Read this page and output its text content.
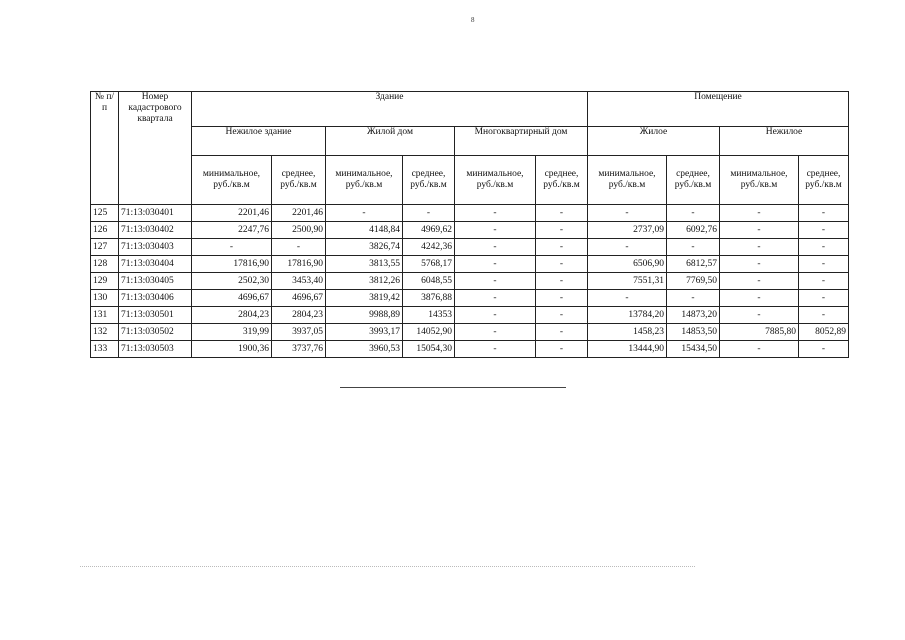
8
№ п/п	Номер кадастрового квартала	Здание						Помещение			
		Нежилое здание		Жилой дом		Многоквартирный дом		Жилое		Нежилое	
		минимальное, руб./кв.м	среднее, руб./кв.м	минимальное, руб./кв.м	среднее, руб./кв.м	минимальное, руб./кв.м	среднее, руб./кв.м	минимальное, руб./кв.м	среднее, руб./кв.м	минимальное, руб./кв.м	среднее, руб./кв.м
125	71:13:030401	2201,46	2201,46	-	-	-	-	-	-	-	-
126	71:13:030402	2247,76	2500,90	4148,84	4969,62	-	-	2737,09	6092,76	-	-
127	71:13:030403	-	-	3826,74	4242,36	-	-	-	-	-	-
128	71:13:030404	17816,90	17816,90	3813,55	5768,17	-	-	6506,90	6812,57	-	-
129	71:13:030405	2502,30	3453,40	3812,26	6048,55	-	-	7551,31	7769,50	-	-
130	71:13:030406	4696,67	4696,67	3819,42	3876,88	-	-	-	-	-	-
131	71:13:030501	2804,23	2804,23	9988,89	14353	-	-	13784,20	14873,20	-	-
132	71:13:030502	319,99	3937,05	3993,17	14052,90	-	-	1458,23	14853,50	7885,80	8052,89
133	71:13:030503	1900,36	3737,76	3960,53	15054,30	-	-	13444,90	15434,50	-	-
